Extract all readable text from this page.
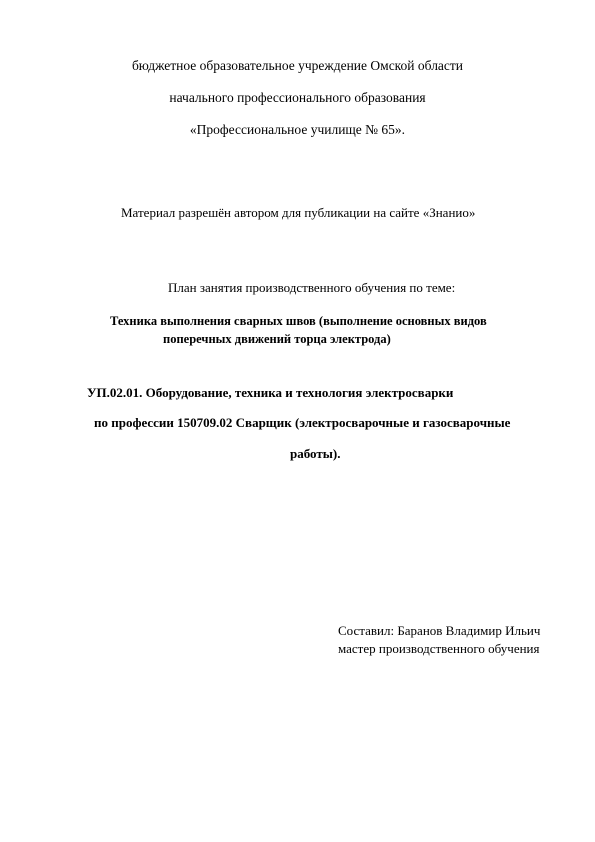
бюджетное образовательное учреждение Омской области
начального профессионального образования
«Профессиональное училище № 65».
Материал разрешён автором для публикации на сайте «Знанио»
План занятия производственного обучения по теме:
Техника выполнения сварных швов (выполнение основных видов
поперечных движений торца электрода)
УП.02.01. Оборудование, техника и технология электросварки
по профессии 150709.02 Сварщик (электросварочные и газосварочные
работы).
Составил: Баранов Владимир Ильич
мастер производственного обучения
